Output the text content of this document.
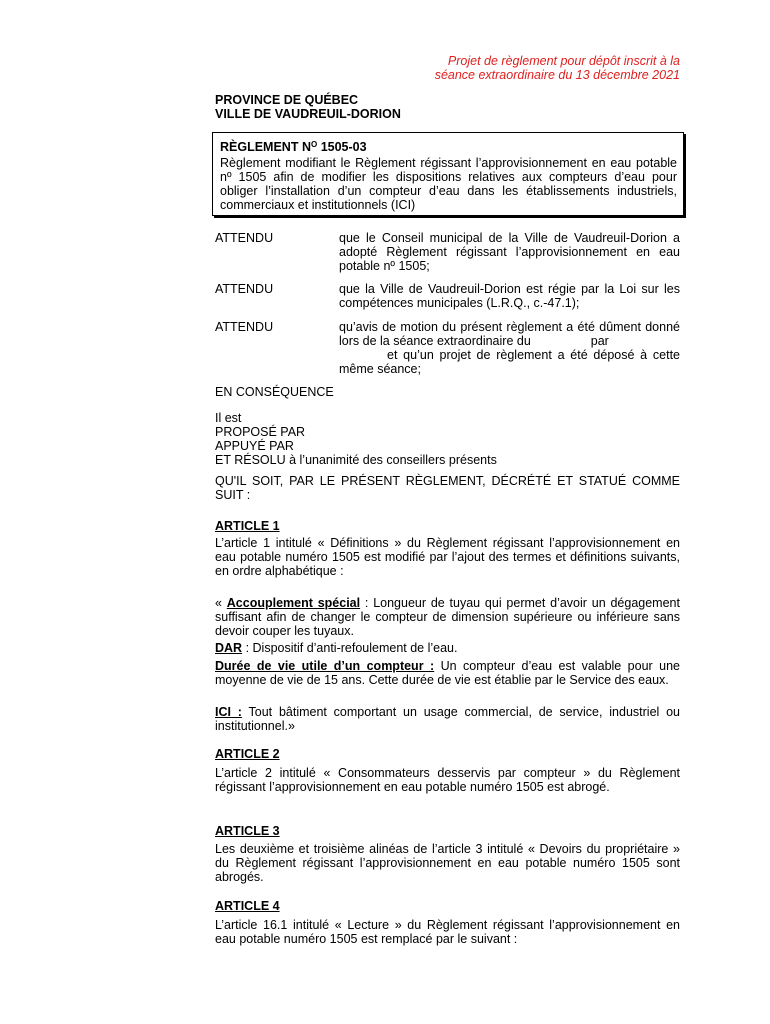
Projet de règlement pour dépôt inscrit à la
séance extraordinaire du 13 décembre 2021
PROVINCE DE QUÉBEC
VILLE DE VAUDREUIL-DORION
RÈGLEMENT $N^O$ 1505-03
Règlement modifiant le Règlement régissant l’approvisionnement en eau potable nº 1505 afin de modifier les dispositions relatives aux compteurs d’eau pour obliger l’installation d’un compteur d’eau dans les établissements industriels, commerciaux et institutionnels (ICI)
ATTENDU	que le Conseil municipal de la Ville de Vaudreuil-Dorion a adopté Règlement régissant l’approvisionnement en eau potable nº 1505;
ATTENDU	que la Ville de Vaudreuil-Dorion est régie par la Loi sur les compétences municipales (L.R.Q., c.-47.1);
ATTENDU	qu’avis de motion du présent règlement a été dûment donné lors de la séance extraordinaire du	par
et qu’un projet de règlement a été déposé à cette même séance;
EN CONSÉQUENCE
Il est
PROPOSÉ PAR
APPUYÉ PAR
ET RÉSOLU à l’unanimité des conseillers présents
QU'IL SOIT, PAR LE PRÉSENT RÈGLEMENT, DÉCRÉTÉ ET STATUÉ COMME SUIT :
ARTICLE 1
L’article 1 intitulé « Définitions » du Règlement régissant l’approvisionnement en eau potable numéro 1505 est modifié par l’ajout des termes et définitions suivants, en ordre alphabétique :
« Accouplement spécial : Longueur de tuyau qui permet d’avoir un dégagement suffisant afin de changer le compteur de dimension supérieure ou inférieure sans devoir couper les tuyaux.
DAR : Dispositif d’anti-refoulement de l’eau.
Durée de vie utile d’un compteur : Un compteur d’eau est valable pour une moyenne de vie de 15 ans. Cette durée de vie est établie par le Service des eaux.
ICI : Tout bâtiment comportant un usage commercial, de service, industriel ou institutionnel.»
ARTICLE 2
L’article 2 intitulé « Consommateurs desservis par compteur » du Règlement régissant l’approvisionnement en eau potable numéro 1505 est abrogé.
ARTICLE 3
Les deuxième et troisième alinéas de l’article 3 intitulé « Devoirs du propriétaire » du Règlement régissant l’approvisionnement en eau potable numéro 1505 sont abrogés.
ARTICLE 4
L’article 16.1 intitulé « Lecture » du Règlement régissant l’approvisionnement en eau potable numéro 1505 est remplacé par le suivant :
